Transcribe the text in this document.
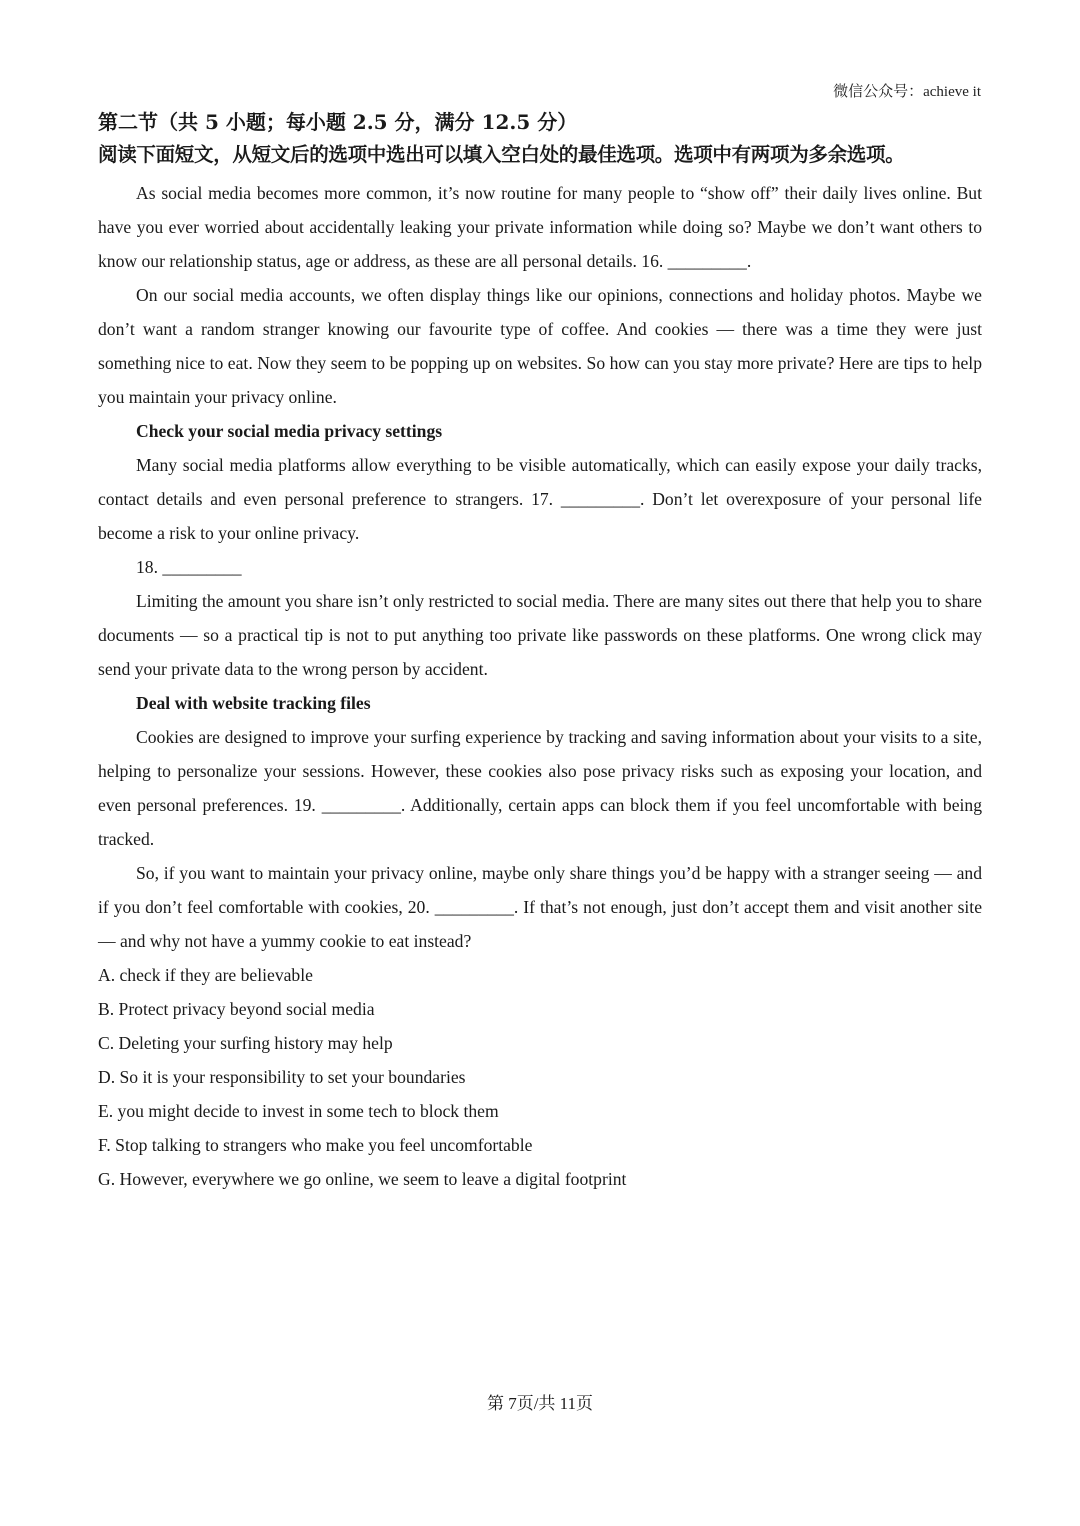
微信公众号：achieve it
第二节（共 5 小题；每小题 2.5 分，满分 12.5 分）

阅读下面短文，从短文后的选项中选出可以填入空白处的最佳选项。选项中有两项为多余选项。

As social media becomes more common, it’s now routine for many people to “show off” their daily lives online. But have you ever worried about accidentally leaking your private information while doing so? Maybe we don’t want others to know our relationship status, age or address, as these are all personal details. 16. _________.

On our social media accounts, we often display things like our opinions, connections and holiday photos. Maybe we don’t want a random stranger knowing our favourite type of coffee. And cookies — there was a time they were just something nice to eat. Now they seem to be popping up on websites. So how can you stay more private? Here are tips to help you maintain your privacy online.

Check your social media privacy settings

Many social media platforms allow everything to be visible automatically, which can easily expose your daily tracks, contact details and even personal preference to strangers. 17. _________. Don’t let overexposure of your personal life become a risk to your online privacy.

18. _________

Limiting the amount you share isn’t only restricted to social media. There are many sites out there that help you to share documents — so a practical tip is not to put anything too private like passwords on these platforms. One wrong click may send your private data to the wrong person by accident.

Deal with website tracking files

Cookies are designed to improve your surfing experience by tracking and saving information about your visits to a site, helping to personalize your sessions. However, these cookies also pose privacy risks such as exposing your location, and even personal preferences. 19. _________. Additionally, certain apps can block them if you feel uncomfortable with being tracked.

So, if you want to maintain your privacy online, maybe only share things you’d be happy with a stranger seeing — and if you don’t feel comfortable with cookies, 20. _________. If that’s not enough, just don’t accept them and visit another site — and why not have a yummy cookie to eat instead?

A. check if they are believable
B. Protect privacy beyond social media
C. Deleting your surfing history may help
D. So it is your responsibility to set your boundaries
E. you might decide to invest in some tech to block them
F. Stop talking to strangers who make you feel uncomfortable
G. However, everywhere we go online, we seem to leave a digital footprint
第 7页/共 11页
